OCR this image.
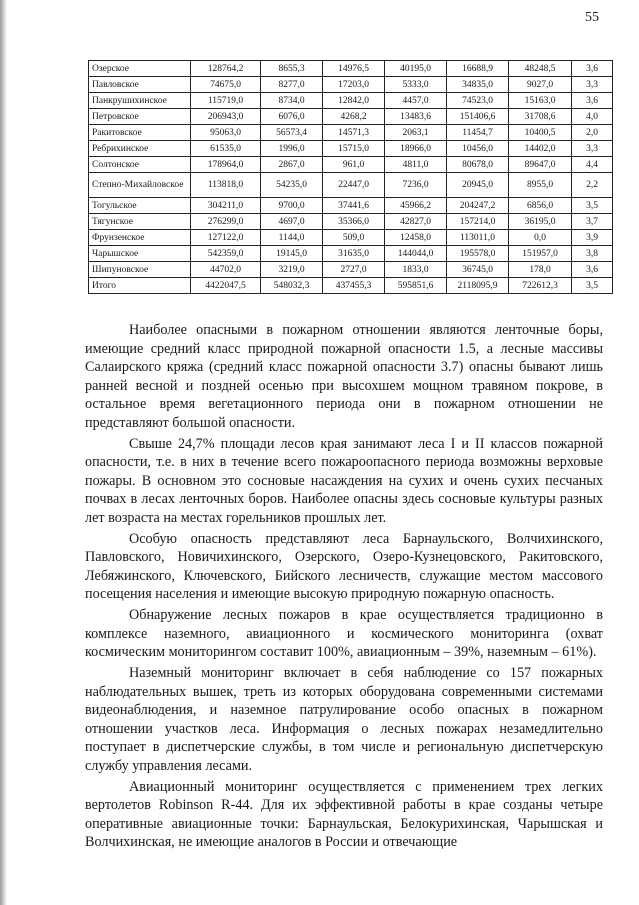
55
Озерское	128764,2	8655,3	14976,5	40195,0	16688,9	48248,5	3,6
Павловское	74675,0	8277,0	17203,0	5333,0	34835,0	9027,0	3,3
Панкрушихинское	115719,0	8734,0	12842,0	4457,0	74523,0	15163,0	3,6
Петровское	206943,0	6076,0	4268,2	13483,6	151406,6	31708,6	4,0
Ракитовское	95063,0	56573,4	14571,3	2063,1	11454,7	10400,5	2,0
Ребрихинское	61535,0	1996,0	15715,0	18966,0	10456,0	14402,0	3,3
Солтонское	178964,0	2867,0	961,0	4811,0	80678,0	89647,0	4,4
Степно-Михайловское	113818,0	54235,0	22447,0	7236,0	20945,0	8955,0	2,2
Тогульское	304211,0	9700,0	37441,6	45966,2	204247,2	6856,0	3,5
Тягунское	276299,0	4697,0	35366,0	42827,0	157214,0	36195,0	3,7
Фрунзенское	127122,0	1144,0	509,0	12458,0	113011,0	0,0	3,9
Чарышское	542359,0	19145,0	31635,0	144044,0	195578,0	151957,0	3,8
Шипуновское	44702,0	3219,0	2727,0	1833,0	36745,0	178,0	3,6
Итого	4422047,5	548032,3	437455,3	595851,6	2118095,9	722612,3	3,5

Наиболее опасными в пожарном отношении являются ленточные боры, имеющие средний класс природной пожарной опасности 1.5, а лесные массивы Салаирского кряжа (средний класс пожарной опасности 3.7) опасны бывают лишь ранней весной и поздней осенью при высохшем мощном травяном покрове, в остальное время вегетационного периода они в пожарном отношении не представляют большой опасности.

Свыше 24,7% площади лесов края занимают леса I и II классов пожарной опасности, т.е. в них в течение всего пожароопасного периода возможны верховые пожары. В основном это сосновые насаждения на сухих и очень сухих песчаных почвах в лесах ленточных боров. Наиболее опасны здесь сосновые культуры разных лет возраста на местах горельников прошлых лет.

Особую опасность представляют леса Барнаульского, Волчихинского, Павловского, Новичихинского, Озерского, Озеро-Кузнецовского, Ракитовского, Лебяжинского, Ключевского, Бийского лесничеств, служащие местом массового посещения населения и имеющие высокую природную пожарную опасность.

Обнаружение лесных пожаров в крае осуществляется традиционно в комплексе наземного, авиационного и космического мониторинга (охват космическим мониторингом составит 100%, авиационным – 39%, наземным – 61%).

Наземный мониторинг включает в себя наблюдение со 157 пожарных наблюдательных вышек, треть из которых оборудована современными системами видеонаблюдения, и наземное патрулирование особо опасных в пожарном отношении участков леса. Информация о лесных пожарах незамедлительно поступает в диспетчерские службы, в том числе и региональную диспетчерскую службу управления лесами.

Авиационный мониторинг осуществляется с применением трех легких вертолетов Robinson R-44. Для их эффективной работы в крае созданы четыре оперативные авиационные точки: Барнаульская, Белокурихинская, Чарышская и Волчихинская, не имеющие аналогов в России и отвечающие
